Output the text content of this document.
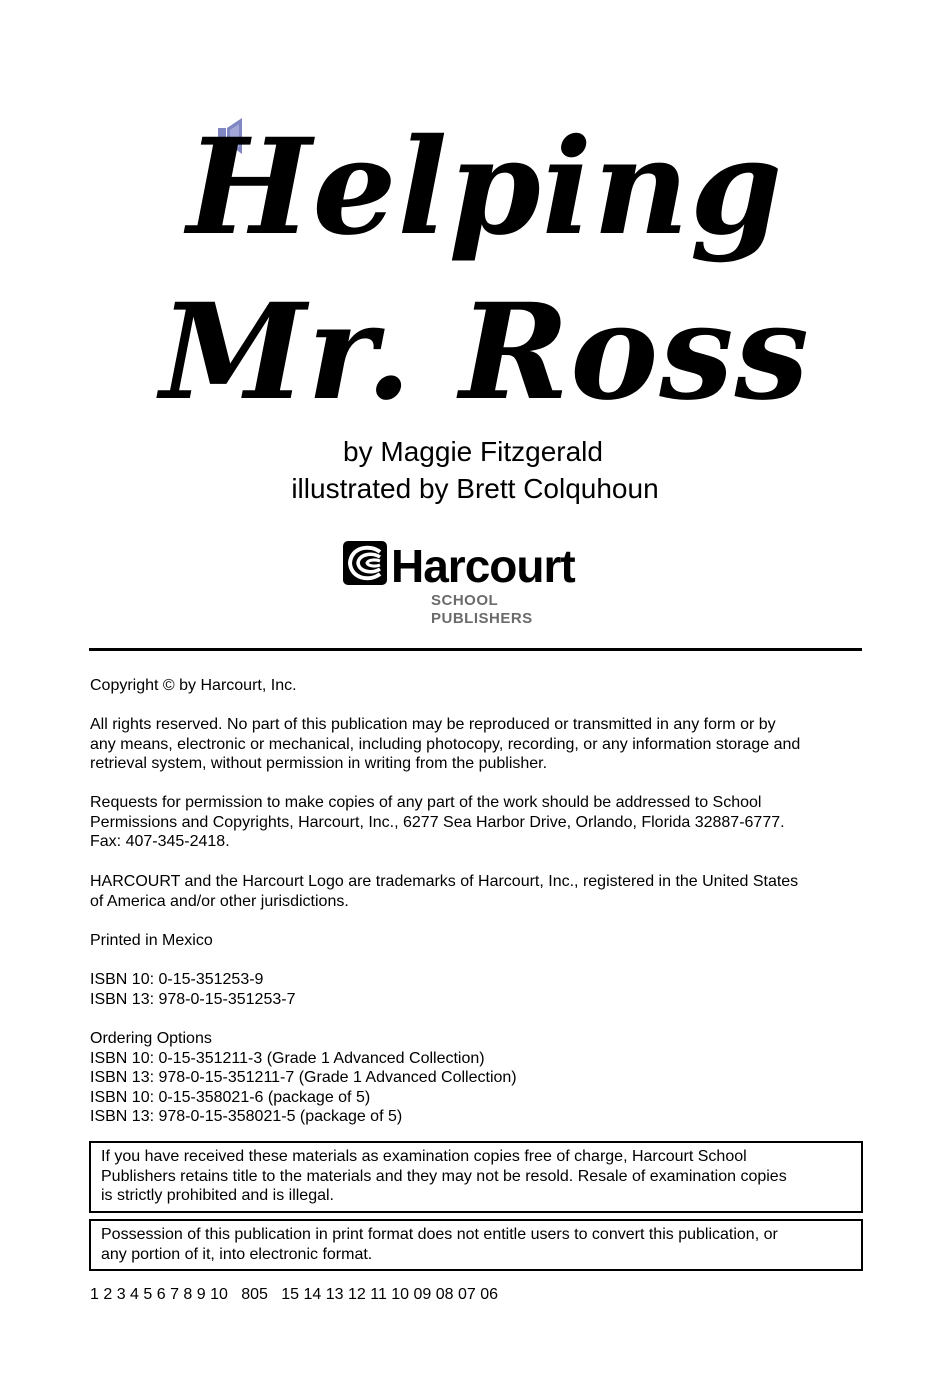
Helping
Mr. Ross
by Maggie Fitzgerald
illustrated by Brett Colquhoun
Harcourt
SCHOOL PUBLISHERS

Copyright © by Harcourt, Inc.

All rights reserved. No part of this publication may be reproduced or transmitted in any form or by
any means, electronic or mechanical, including photocopy, recording, or any information storage and
retrieval system, without permission in writing from the publisher.

Requests for permission to make copies of any part of the work should be addressed to School
Permissions and Copyrights, Harcourt, Inc., 6277 Sea Harbor Drive, Orlando, Florida 32887-6777.
Fax: 407-345-2418.

HARCOURT and the Harcourt Logo are trademarks of Harcourt, Inc., registered in the United States
of America and/or other jurisdictions.

Printed in Mexico

ISBN 10: 0-15-351253-9
ISBN 13: 978-0-15-351253-7

Ordering Options
ISBN 10: 0-15-351211-3 (Grade 1 Advanced Collection)
ISBN 13: 978-0-15-351211-7 (Grade 1 Advanced Collection)
ISBN 10: 0-15-358021-6 (package of 5)
ISBN 13: 978-0-15-358021-5 (package of 5)

If you have received these materials as examination copies free of charge, Harcourt School
Publishers retains title to the materials and they may not be resold. Resale of examination copies
is strictly prohibited and is illegal.
Possession of this publication in print format does not entitle users to convert this publication, or
any portion of it, into electronic format.

1 2 3 4 5 6 7 8 9 10   805   15 14 13 12 11 10 09 08 07 06
